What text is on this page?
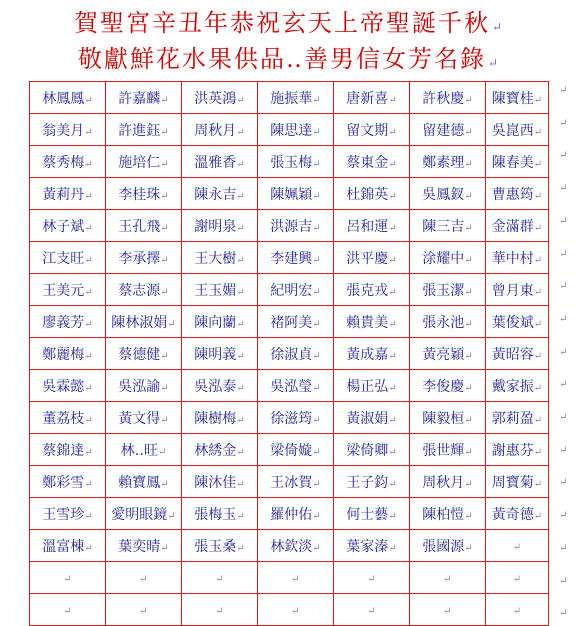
賀聖宮辛丑年恭祝玄天上帝聖誕千秋 ↵
敬獻鮮花水果供品‥善男信女芳名錄 ↵
林鳳鳳↵	許嘉麟↵	洪英鴻↵	施振華↵	唐新喜↵	許秋慶↵	陳寶桂↵
翁美月↵	許進鈺↵	周秋月↵	陳思達↵	留文期↵	留建德↵	吳崑西↵
蔡秀梅↵	施培仁↵	溫雅香↵	張玉梅↵	蔡東金↵	鄭素理↵	陳春美↵
黃莉丹↵	李桂珠↵	陳永吉↵	陳姵穎↵	杜錦英↵	吳鳳釵↵	曹惠筠↵
林子斌↵	王孔飛↵	謝明泉↵	洪源吉↵	呂和運↵	陳三吉↵	金滿群↵
江支旺↵	李承擇↵	王大樹↵	李建興↵	洪平慶↵	涂耀中↵	華中村↵
王美元↵	蔡志源↵	王玉媚↵	紀明宏↵	張克戎↵	張玉潔↵	曾月東↵
廖義芳↵	陳林淑娟↵	陳向蘭↵	褚阿美↵	賴貴美↵	張永池↵	葉俊斌↵
鄭麗梅↵	蔡德健↵	陳明義↵	徐淑貞↵	黃成嘉↵	黃亮穎↵	黃昭容↵
吳霖懿↵	吳泓諭↵	吳泓泰↵	吳泓瑩↵	楊正弘↵	李俊慶↵	戴家振↵
董荔枝↵	黃文得↵	陳樹梅↵	徐滋筠↵	黃淑娟↵	陳毅桓↵	郭莉盈↵
蔡錦達↵	林‥旺↵	林綉金↵	梁倚嫙↵	梁倚卿↵	張世輝↵	謝惠芬↵
鄭彩雪↵	賴寶鳳↵	陳沐佳↵	王冰賀↵	王子鈞↵	周秋月↵	周寶菊↵
王雪珍↵	愛明眼鏡↵	張梅玉↵	羅仲佑↵	何士藝↵	陳柏愷↵	黃奇德↵
溫富棟↵	葉奕晴↵	張玉桑↵	林欽淡↵	葉家溱↵	張國源↵	↵
↵	↵	↵	↵	↵	↵	↵
↵	↵	↵	↵	↵	↵	↵
↵
↵
↵
↵
↵
↵
↵
↵
↵
↵
↵
↵
↵
↵
↵
↵
↵
